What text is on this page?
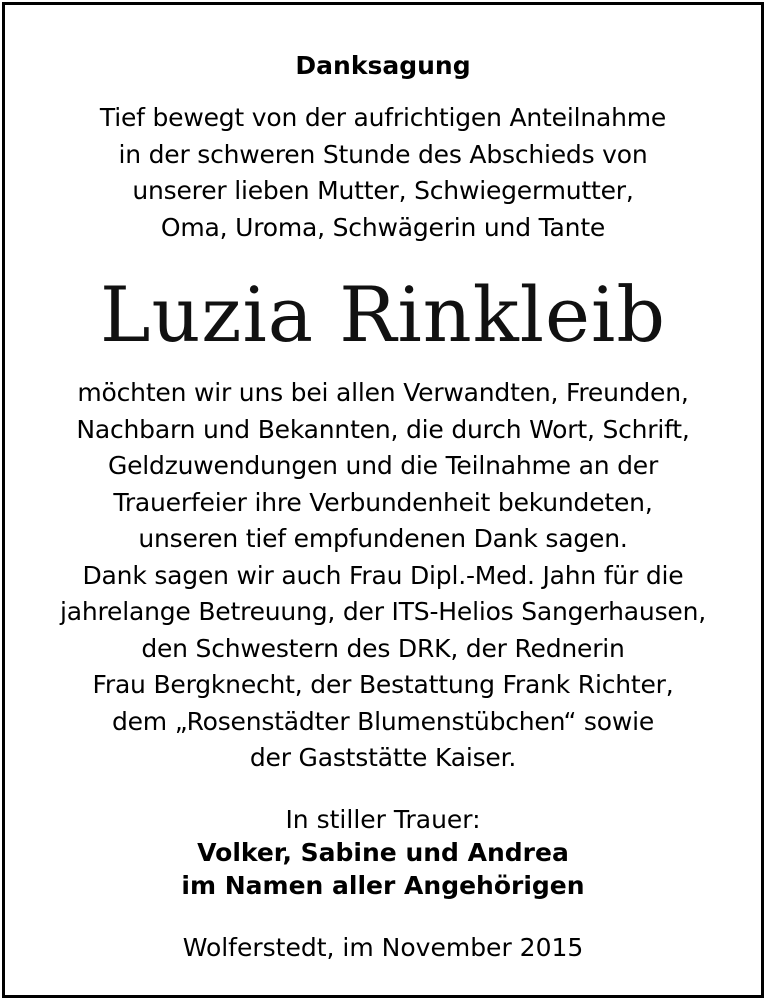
Danksagung
Tief bewegt von der aufrichtigen Anteilnahme
in der schweren Stunde des Abschieds von
unserer lieben Mutter, Schwiegermutter,
Oma, Uroma, Schwägerin und Tante
Luzia Rinkleib
möchten wir uns bei allen Verwandten, Freunden,
Nachbarn und Bekannten, die durch Wort, Schrift,
Geldzuwendungen und die Teilnahme an der
Trauerfeier ihre Verbundenheit bekundeten,
unseren tief empfundenen Dank sagen.
Dank sagen wir auch Frau Dipl.-Med. Jahn für die
jahrelange Betreuung, der ITS-Helios Sangerhausen,
den Schwestern des DRK, der Rednerin
Frau Bergknecht, der Bestattung Frank Richter,
dem „Rosenstädter Blumenstübchen“ sowie
der Gaststätte Kaiser.
In stiller Trauer:
Volker, Sabine und Andrea
im Namen aller Angehörigen
Wolferstedt, im November 2015
